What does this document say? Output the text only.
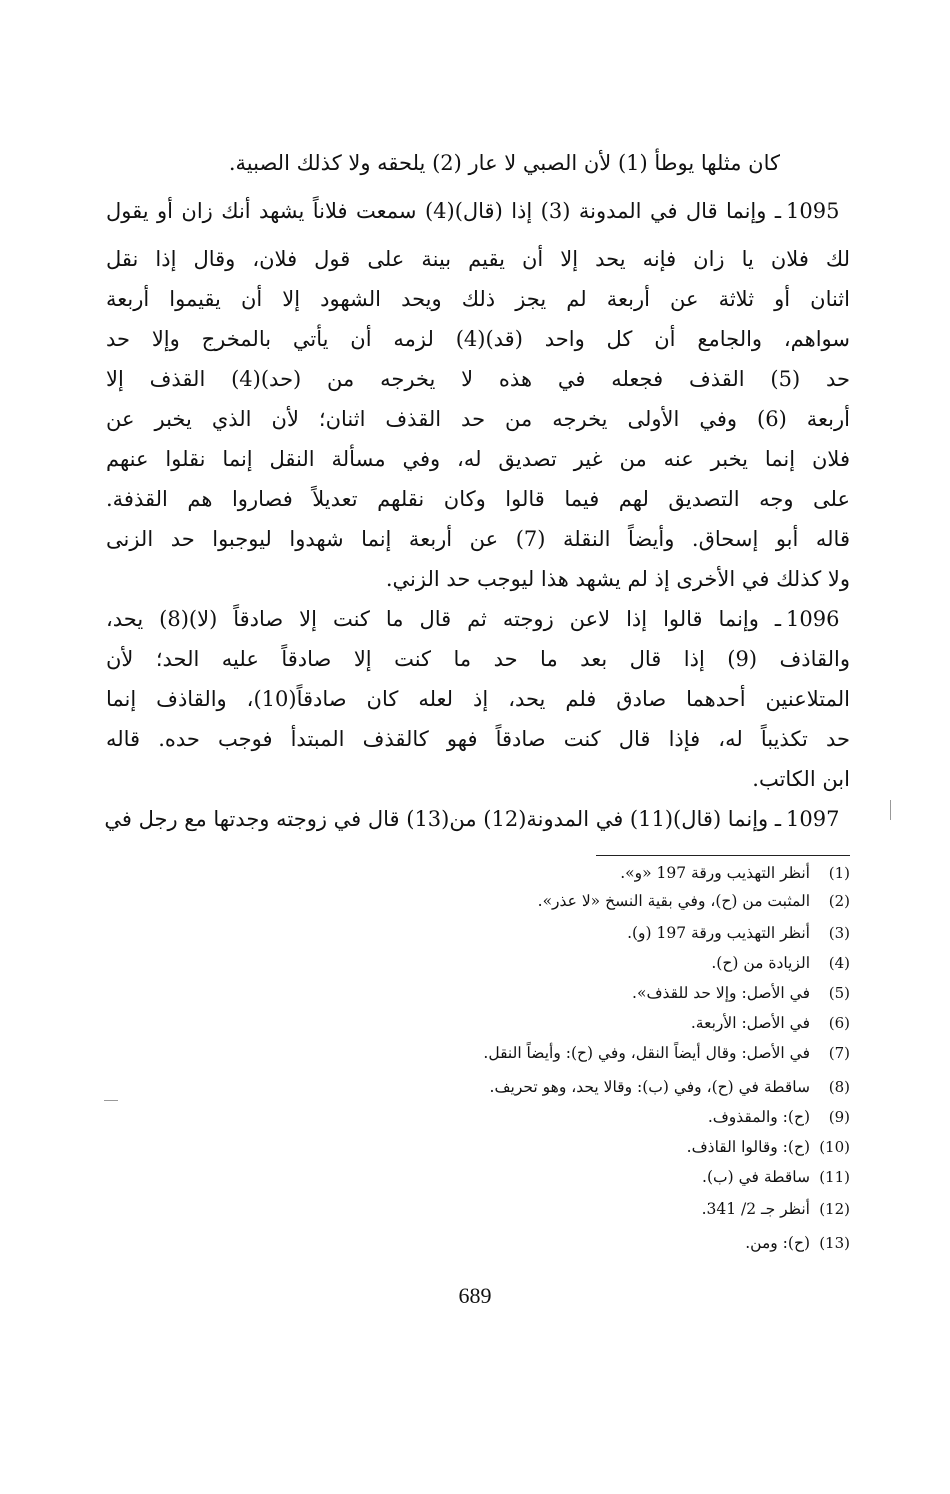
كان مثلها يوطأ (1) لأن الصبي لا عار (2) يلحقه ولا كذلك الصبية.
ـ وإنما قال في المدونة (3) إذا (قال)(4) سمعت فلاناً يشهد أنك زان أو يقول
لك فلان يا زان فإنه يحد إلا أن يقيم بينة على قول فلان، وقال إذا نقل
اثنان أو ثلاثة عن أربعة لم يجز ذلك ويحد الشهود إلا أن يقيموا أربعة
سواهم، والجامع أن كل واحد (قد)(4) لزمه أن يأتي بالمخرج وإلا حد
حد (5) القذف فجعله في هذه لا يخرجه من (حد)(4) القذف إلا
أربعة (6) وفي الأولى يخرجه من حد القذف اثنان؛ لأن الذي يخبر عن
فلان إنما يخبر عنه من غير تصديق له، وفي مسألة النقل إنما نقلوا عنهم
على وجه التصديق لهم فيما قالوا وكان نقلهم تعديلاً فصاروا هم القذفة.
قاله أبو إسحاق. وأيضاً النقلة (7) عن أربعة إنما شهدوا ليوجبوا حد الزنى
ولا كذلك في الأخرى إذ لم يشهد هذا ليوجب حد الزني.
ـ وإنما قالوا إذا لاعن زوجته ثم قال ما كنت إلا صادقاً (لا)(8) يحد،
والقاذف (9) إذا قال بعد ما حد ما كنت إلا صادقاً عليه الحد؛ لأن
المتلاعنين أحدهما صادق فلم يحد، إذ لعله كان صادقاً(10)، والقاذف إنما
حد تكذيباً له، فإذا قال كنت صادقاً فهو كالقذف المبتدأ فوجب حده. قاله
ابن الكاتب.
ـ وإنما (قال)(11) في المدونة(12) من(13) قال في زوجته وجدتها مع رجل في
1095
1096
1097
(1)
أنظر التهذيب ورقة 197 «و».
(2)
المثبت من (ح)، وفي بقية النسخ «لا عذر».
(3)
أنظر التهذيب ورقة 197 (و).
(4)
الزيادة من (ح).
(5)
في الأصل: وإلا حد للقذف».
(6)
في الأصل: الأربعة.
(7)
في الأصل: وقال أيضاً النقل، وفي (ح): وأيضاً النقل.
(8)
ساقطة في (ح)، وفي (ب): وقالا يحد، وهو تحريف.
(9)
(ح): والمقذوف.
(10)
(ح): وقالوا القاذف.
(11)
ساقطة في (ب).
(12)
أنظر جـ 2/ 341.
(13)
(ح): ومن.
689
